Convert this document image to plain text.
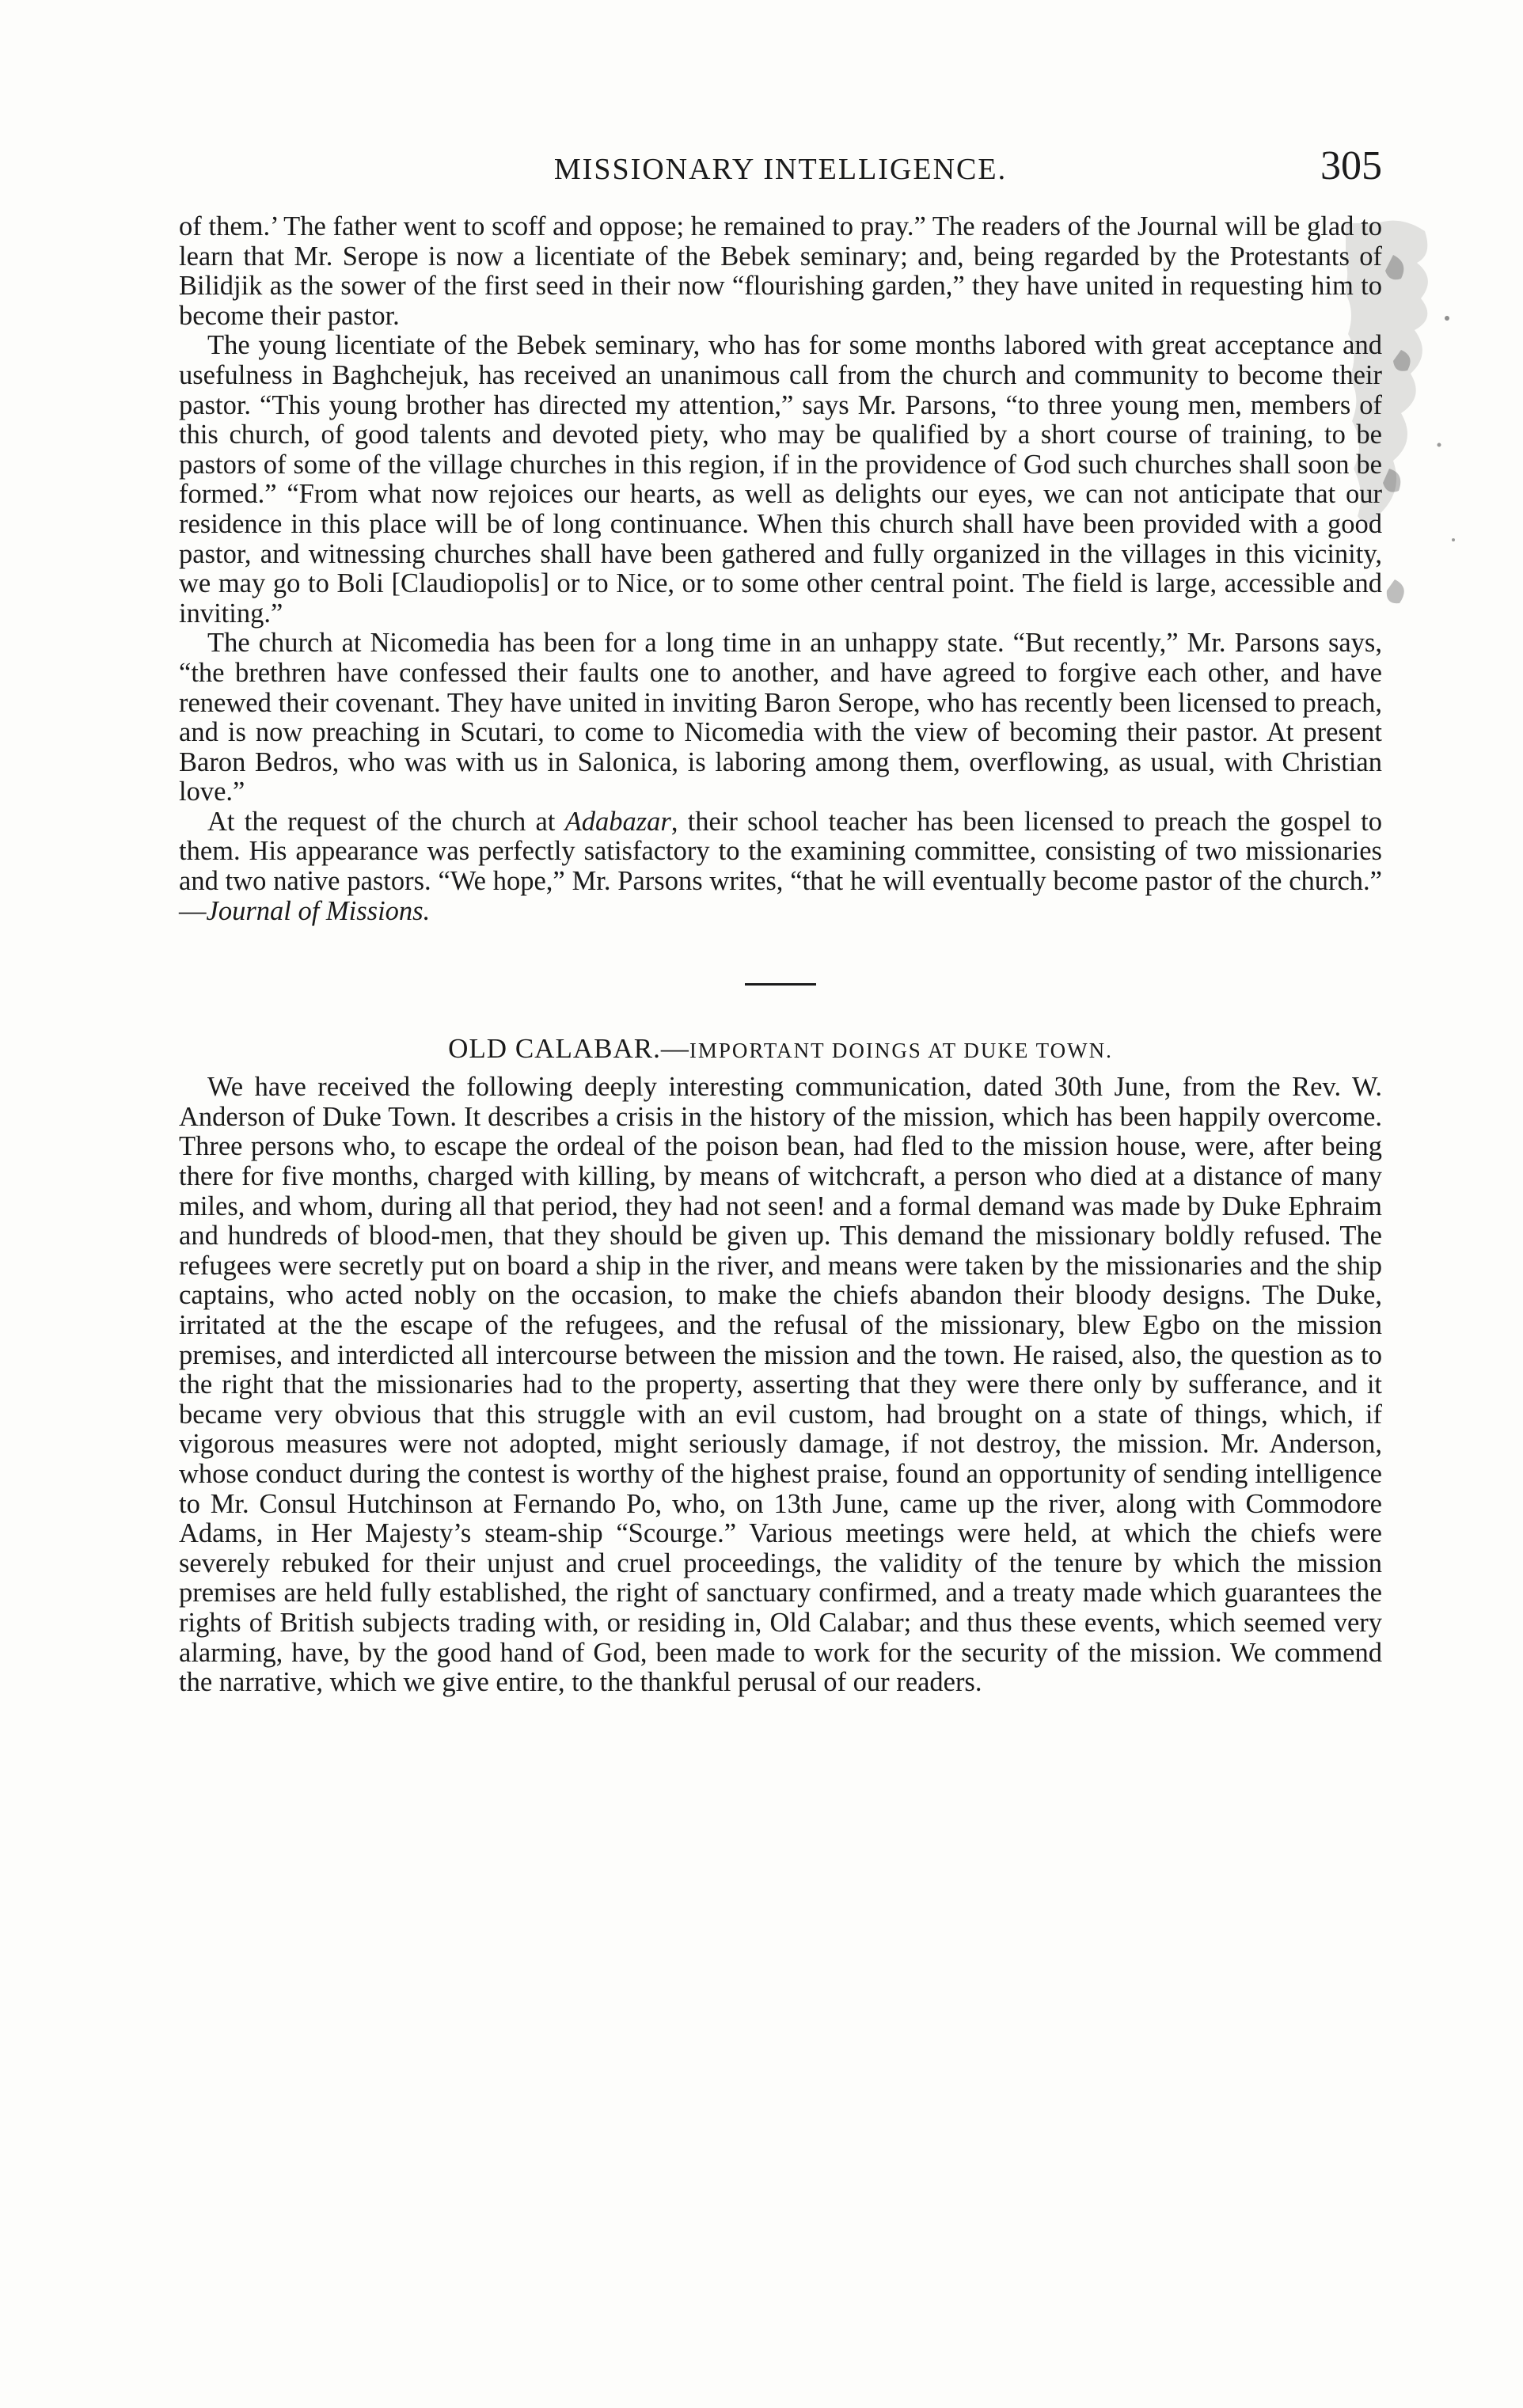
MISSIONARY INTELLIGENCE.	305

of them.’ The father went to scoff and oppose; he remained to pray.” The readers of the Journal will be glad to learn that Mr. Serope is now a licentiate of the Bebek seminary; and, being regarded by the Protestants of Bilidjik as the sower of the first seed in their now “flourishing garden,” they have united in requesting him to become their pastor.

The young licentiate of the Bebek seminary, who has for some months labored with great acceptance and usefulness in Baghchejuk, has received an unanimous call from the church and community to become their pastor. “This young brother has directed my attention,” says Mr. Parsons, “to three young men, members of this church, of good talents and devoted piety, who may be qualified by a short course of training, to be pastors of some of the village churches in this region, if in the providence of God such churches shall soon be formed.” “From what now rejoices our hearts, as well as delights our eyes, we can not anticipate that our residence in this place will be of long continuance. When this church shall have been provided with a good pastor, and witnessing churches shall have been gathered and fully organized in the villages in this vicinity, we may go to Boli [Claudiopolis] or to Nice, or to some other central point. The field is large, accessible and inviting.”

The church at Nicomedia has been for a long time in an unhappy state. “But recently,” Mr. Parsons says, “the brethren have confessed their faults one to another, and have agreed to forgive each other, and have renewed their covenant. They have united in inviting Baron Serope, who has recently been licensed to preach, and is now preaching in Scutari, to come to Nicomedia with the view of becoming their pastor. At present Baron Bedros, who was with us in Salonica, is laboring among them, overflowing, as usual, with Christian love.”

At the request of the church at Adabazar, their school teacher has been licensed to preach the gospel to them. His appearance was perfectly satisfactory to the examining committee, consisting of two missionaries and two native pastors. “We hope,” Mr. Parsons writes, “that he will eventually become pastor of the church.” —Journal of Missions.

OLD CALABAR.—IMPORTANT DOINGS AT DUKE TOWN.

We have received the following deeply interesting communication, dated 30th June, from the Rev. W. Anderson of Duke Town. It describes a crisis in the history of the mission, which has been happily overcome. Three persons who, to escape the ordeal of the poison bean, had fled to the mission house, were, after being there for five months, charged with killing, by means of witchcraft, a person who died at a distance of many miles, and whom, during all that period, they had not seen! and a formal demand was made by Duke Ephraim and hundreds of blood-men, that they should be given up. This demand the missionary boldly refused. The refugees were secretly put on board a ship in the river, and means were taken by the missionaries and the ship captains, who acted nobly on the occasion, to make the chiefs abandon their bloody designs. The Duke, irritated at the the escape of the refugees, and the refusal of the missionary, blew Egbo on the mission premises, and interdicted all intercourse between the mission and the town. He raised, also, the question as to the right that the missionaries had to the property, asserting that they were there only by sufferance, and it became very obvious that this struggle with an evil custom, had brought on a state of things, which, if vigorous measures were not adopted, might seriously damage, if not destroy, the mission. Mr. Anderson, whose conduct during the contest is worthy of the highest praise, found an opportunity of sending intelligence to Mr. Consul Hutchinson at Fernando Po, who, on 13th June, came up the river, along with Commodore Adams, in Her Majesty’s steam-ship “Scourge.” Various meetings were held, at which the chiefs were severely rebuked for their unjust and cruel proceedings, the validity of the tenure by which the mission premises are held fully established, the right of sanctuary confirmed, and a treaty made which guarantees the rights of British subjects trading with, or residing in, Old Calabar; and thus these events, which seemed very alarming, have, by the good hand of God, been made to work for the security of the mission. We commend the narrative, which we give entire, to the thankful perusal of our readers.
